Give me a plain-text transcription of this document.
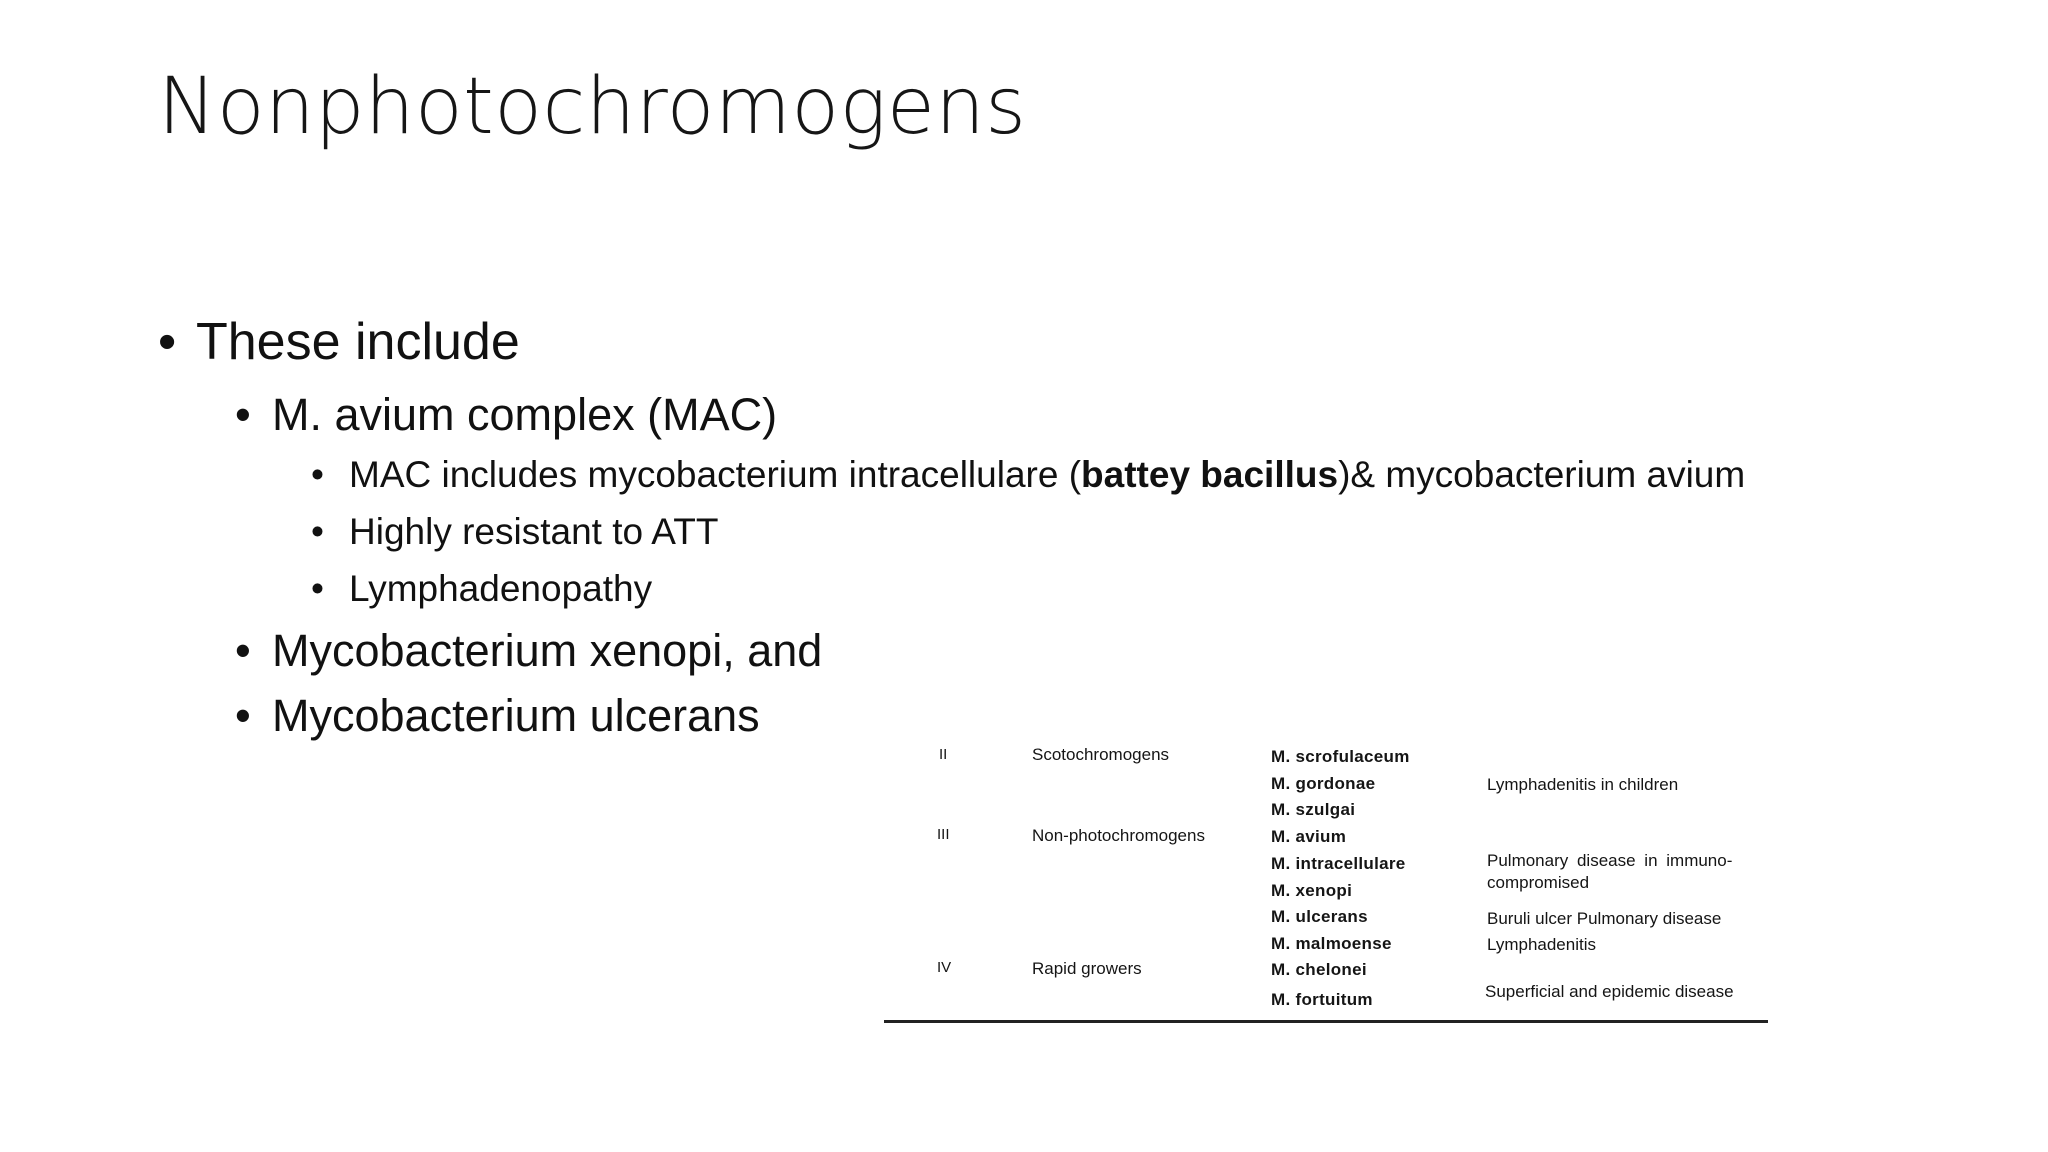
Nonphotochromogens
• These include
• M. avium complex (MAC)
• MAC includes mycobacterium intracellulare (battey bacillus)& mycobacterium avium
• Highly resistant to ATT
• Lymphadenopathy
• Mycobacterium xenopi, and
• Mycobacterium ulcerans
II
III
IV
Scotochromogens
Non-photochromogens
Rapid growers
M. scrofulaceum
M. gordonae
M. szulgai
M. avium
M. intracellulare
M. xenopi
M. ulcerans
M. malmoense
M. chelonei
M. fortuitum
Lymphadenitis in children
Pulmonary disease in immuno-
compromised
Buruli ulcer Pulmonary disease
Lymphadenitis
Superficial and epidemic disease
